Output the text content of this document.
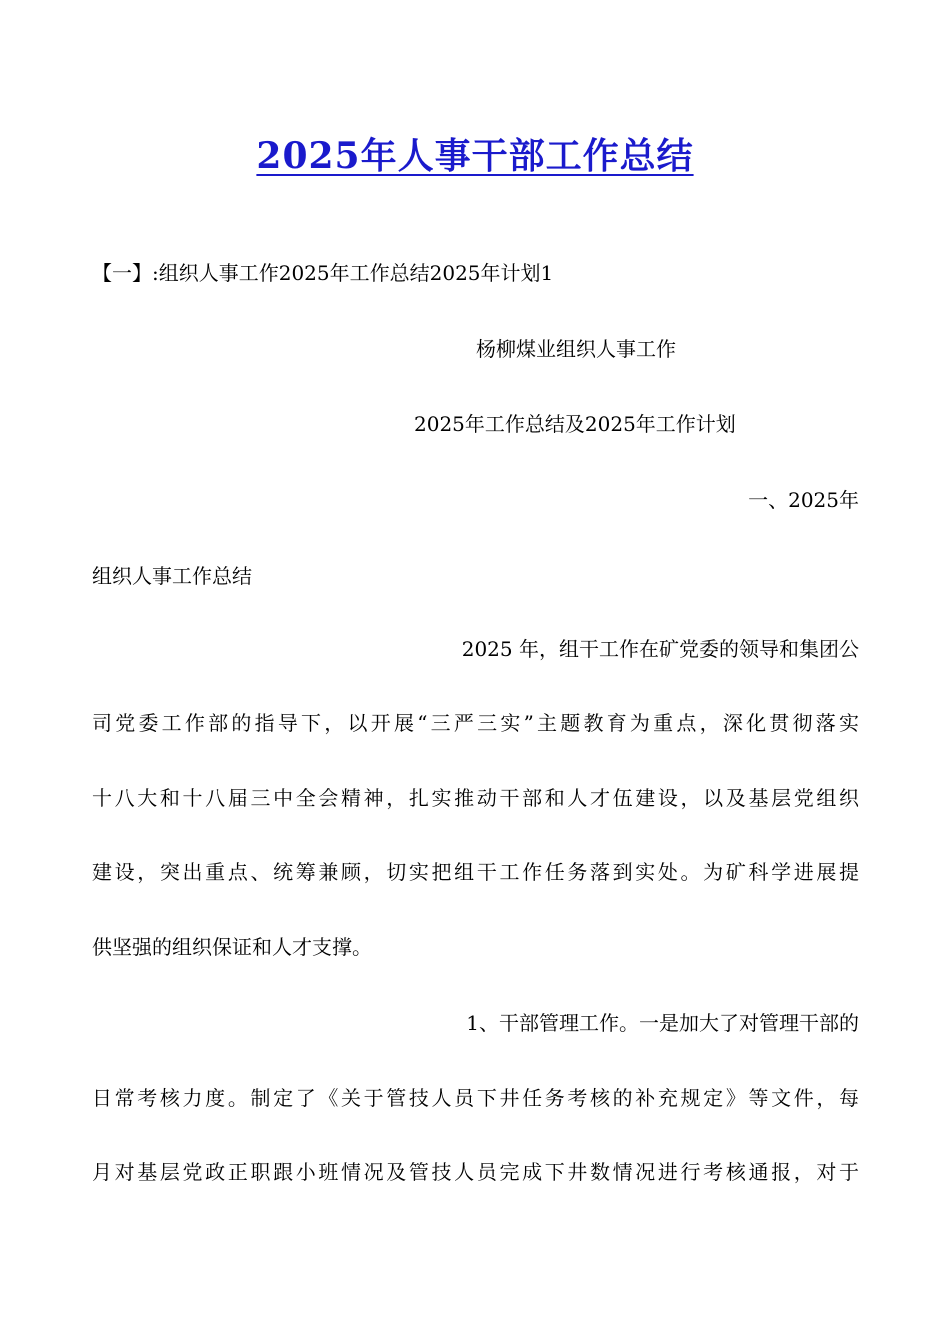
2025年人事干部工作总结
【一】:组织人事工作2025年工作总结2025年计划1
杨柳煤业组织人事工作
2025年工作总结及2025年工作计划
一、2025年
组织人事工作总结
2025 年，组干工作在矿党委的领导和集团公
司党委工作部的指导下，以开展“三严三实”主题教育为重点，深化贯彻落实
十八大和十八届三中全会精神，扎实推动干部和人才伍建设，以及基层党组织
建设，突出重点、统筹兼顾，切实把组干工作任务落到实处。为矿科学进展提
供坚强的组织保证和人才支撑。
1、干部管理工作。一是加大了对管理干部的
日常考核力度。制定了《关于管技人员下井任务考核的补充规定》等文件，每
月对基层党政正职跟小班情况及管技人员完成下井数情况进行考核通报，对于
